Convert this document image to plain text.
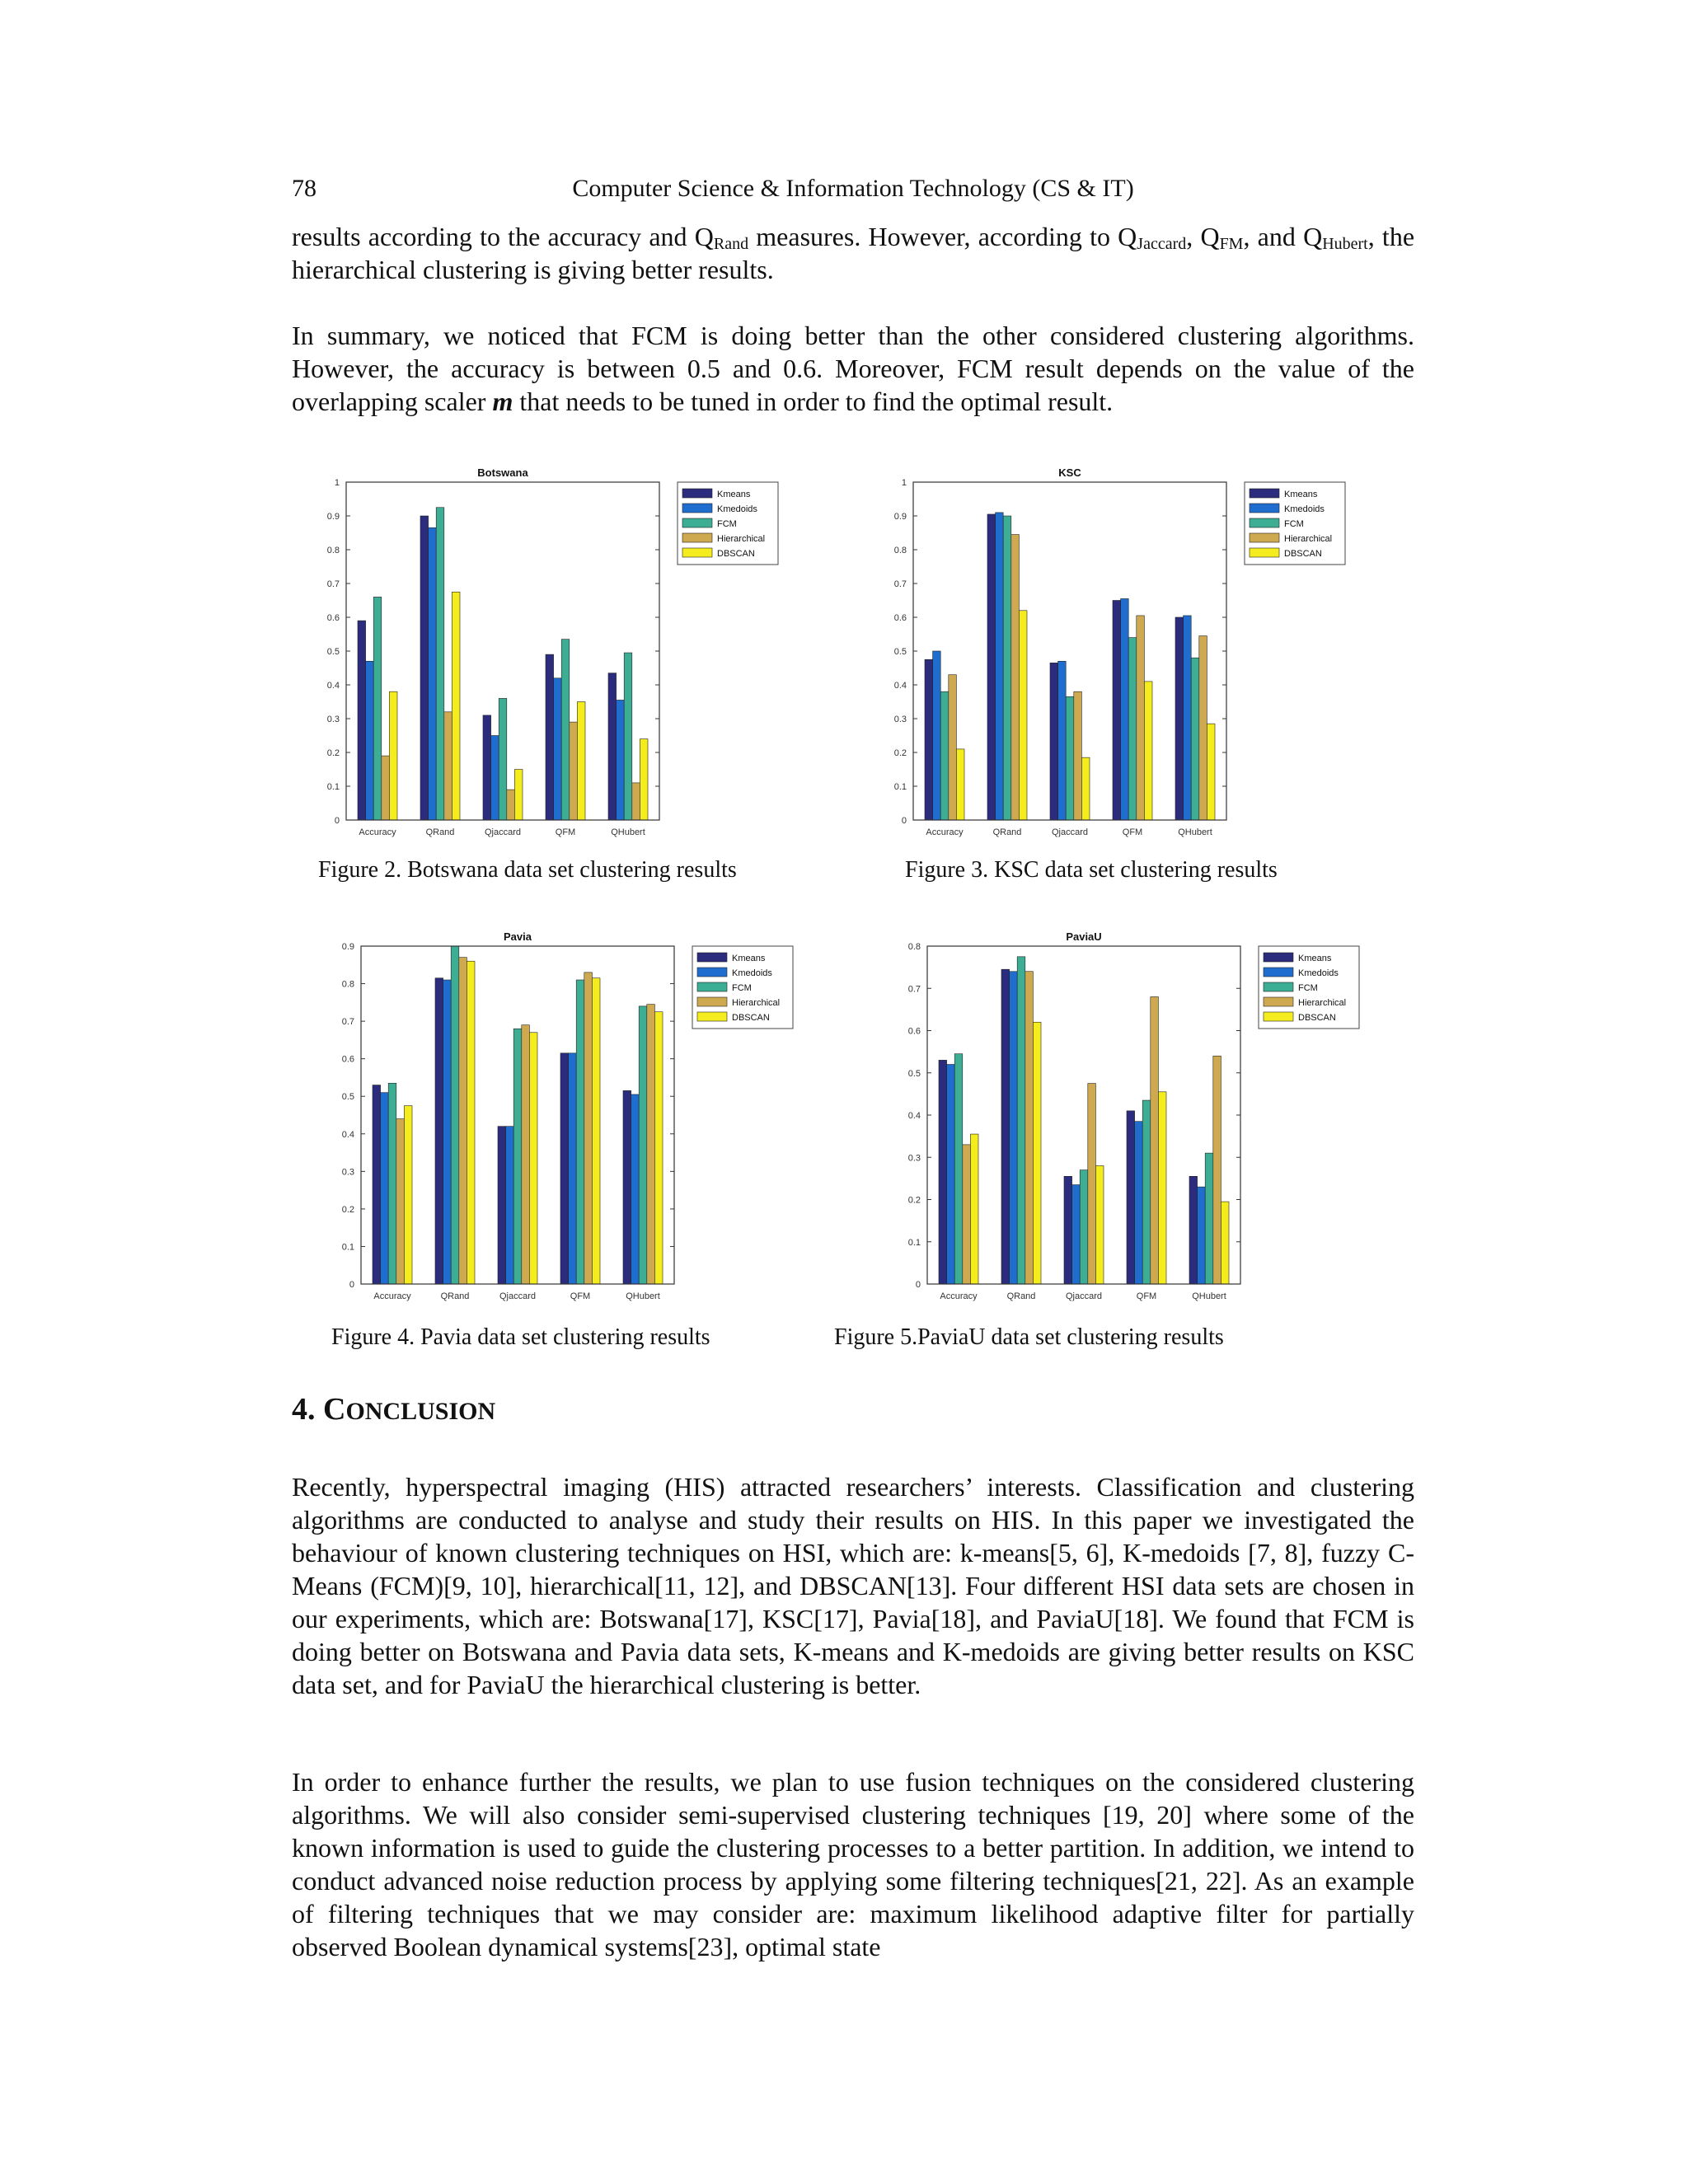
78	Computer Science & Information Technology (CS & IT)
results according to the accuracy and $Q_{Rand}$ measures. However, according to $Q_{Jaccard}$, $Q_{FM}$, and $Q_{Hubert}$, the hierarchical clustering is giving better results.
In summary, we noticed that FCM is doing better than the other considered clustering algorithms. However, the accuracy is between 0.5 and 0.6. Moreover, FCM result depends on the value of the overlapping scaler m that needs to be tuned in order to find the optimal result.
Botswana
0
0.1
0.2
0.3
0.4
0.5
0.6
0.7
0.8
0.9
1
Accuracy	QRand	Qjaccard	QFM	QHubert
Kmeans
Kmedoids
FCM
Hierarchical
DBSCAN
KSC
0
0.1
0.2
0.3
0.4
0.5
0.6
0.7
0.8
0.9
1
Accuracy	QRand	Qjaccard	QFM	QHubert
Kmeans
Kmedoids
FCM
Hierarchical
DBSCAN
Pavia
0
0.1
0.2
0.3
0.4
0.5
0.6
0.7
0.8
0.9
Accuracy	QRand	Qjaccard	QFM	QHubert
Kmeans
Kmedoids
FCM
Hierarchical
DBSCAN
PaviaU
0
0.1
0.2
0.3
0.4
0.5
0.6
0.7
0.8
Accuracy	QRand	Qjaccard	QFM	QHubert
Kmeans
Kmedoids
FCM
Hierarchical
DBSCAN
Figure 2. Botswana data set clustering results	Figure 3. KSC data set clustering results
Figure 4. Pavia data set clustering results	Figure 5.PaviaU data set clustering results
4. CONCLUSION
Recently, hyperspectral imaging (HIS) attracted researchers’ interests. Classification and clustering algorithms are conducted to analyse and study their results on HIS. In this paper we investigated the behaviour of known clustering techniques on HSI, which are: k-means[5, 6], K-medoids [7, 8], fuzzy C-Means (FCM)[9, 10], hierarchical[11, 12], and DBSCAN[13]. Four different HSI data sets are chosen in our experiments, which are: Botswana[17], KSC[17], Pavia[18], and PaviaU[18]. We found that FCM is doing better on Botswana and Pavia data sets, K-means and K-medoids are giving better results on KSC data set, and for PaviaU the hierarchical clustering is better.
In order to enhance further the results, we plan to use fusion techniques on the considered clustering algorithms. We will also consider semi-supervised clustering techniques [19, 20] where some of the known information is used to guide the clustering processes to a better partition. In addition, we intend to conduct advanced noise reduction process by applying some filtering techniques[21, 22]. As an example of filtering techniques that we may consider are: maximum likelihood adaptive filter for partially observed Boolean dynamical systems[23], optimal state
